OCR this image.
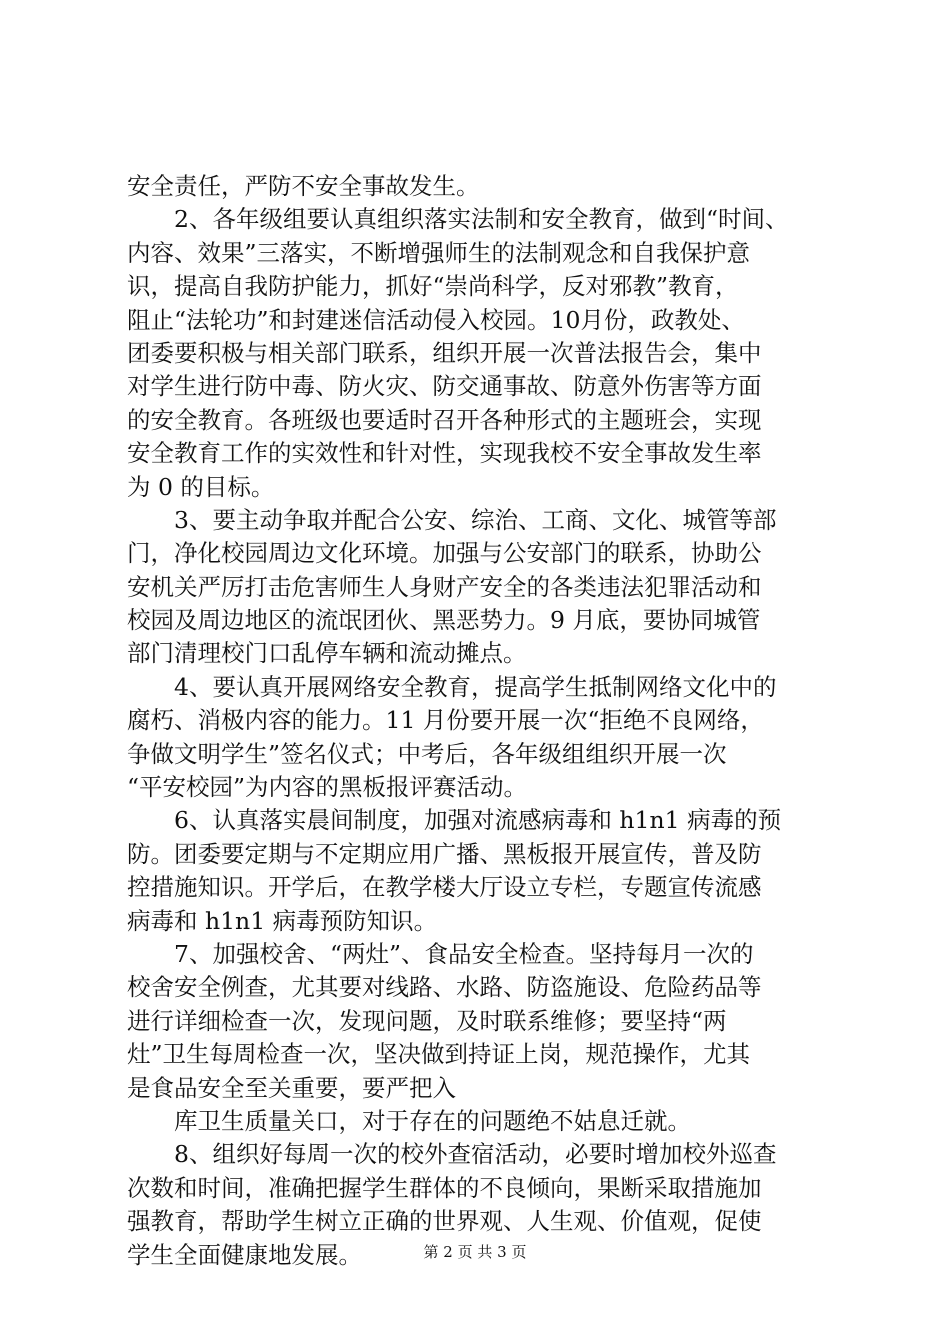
安全责任，严防不安全事故发生。
2、各年级组要认真组织落实法制和安全教育，做到“时间、
内容、效果”三落实，不断增强师生的法制观念和自我保护意
识，提高自我防护能力，抓好“崇尚科学，反对邪教”教育，
阻止“法轮功”和封建迷信活动侵入校园。10月份，政教处、
团委要积极与相关部门联系，组织开展一次普法报告会，集中
对学生进行防中毒、防火灾、防交通事故、防意外伤害等方面
的安全教育。各班级也要适时召开各种形式的主题班会，实现
安全教育工作的实效性和针对性，实现我校不安全事故发生率
为 0 的目标。
3、要主动争取并配合公安、综治、工商、文化、城管等部
门，净化校园周边文化环境。加强与公安部门的联系，协助公
安机关严厉打击危害师生人身财产安全的各类违法犯罪活动和
校园及周边地区的流氓团伙、黑恶势力。9 月底，要协同城管
部门清理校门口乱停车辆和流动摊点。
4、要认真开展网络安全教育，提高学生抵制网络文化中的
腐朽、消极内容的能力。11 月份要开展一次“拒绝不良网络，
争做文明学生”签名仪式；中考后，各年级组组织开展一次
“平安校园”为内容的黑板报评赛活动。
6、认真落实晨间制度，加强对流感病毒和 h1n1 病毒的预
防。团委要定期与不定期应用广播、黑板报开展宣传，普及防
控措施知识。开学后，在教学楼大厅设立专栏，专题宣传流感
病毒和 h1n1 病毒预防知识。
7、加强校舍、“两灶”、食品安全检查。坚持每月一次的
校舍安全例查，尤其要对线路、水路、防盗施设、危险药品等
进行详细检查一次，发现问题，及时联系维修；要坚持“两
灶”卫生每周检查一次，坚决做到持证上岗，规范操作，尤其
是食品安全至关重要，要严把入
库卫生质量关口，对于存在的问题绝不姑息迁就。
8、组织好每周一次的校外查宿活动，必要时增加校外巡查
次数和时间，准确把握学生群体的不良倾向，果断采取措施加
强教育，帮助学生树立正确的世界观、人生观、价值观，促使
学生全面健康地发展。	第 2 页 共 3 页
